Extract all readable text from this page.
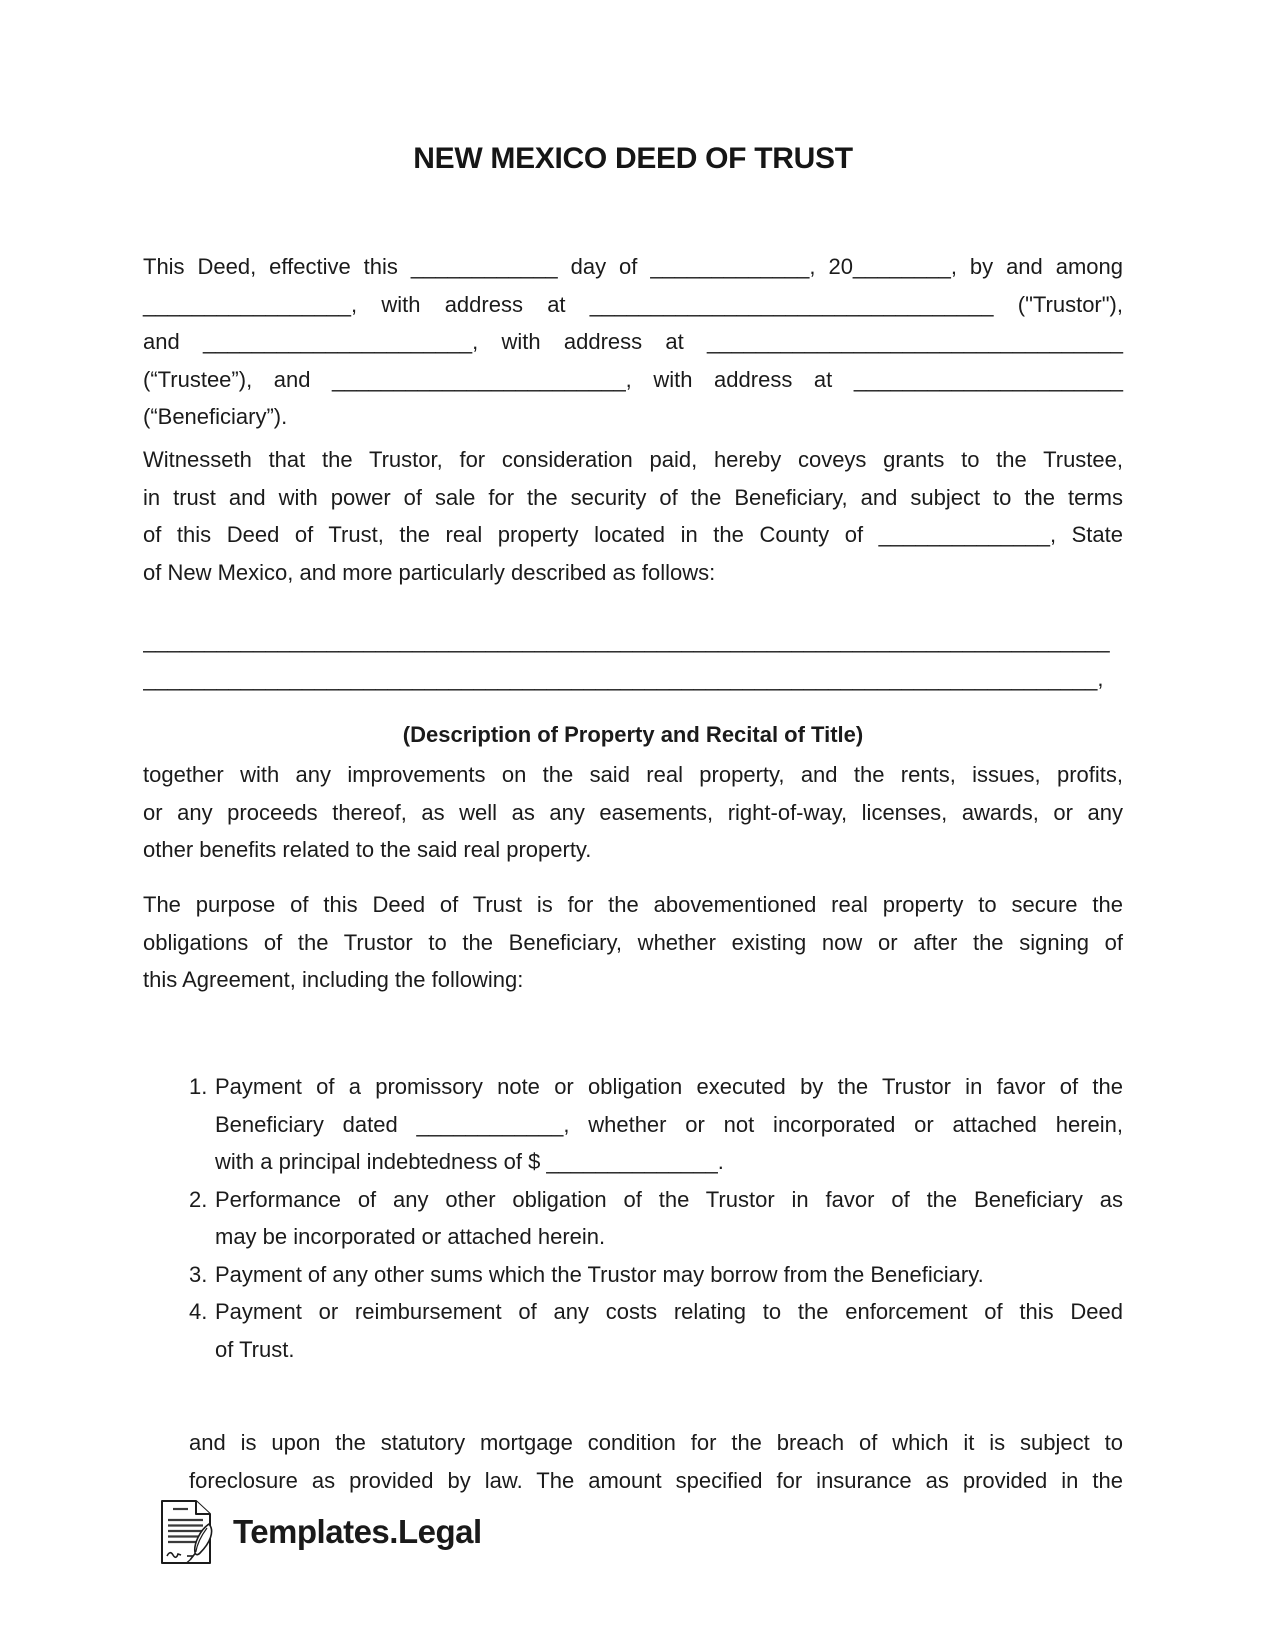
NEW MEXICO DEED OF TRUST
This Deed, effective this ____________ day of _____________, 20________, by and among
_________________, with address at _________________________________ ("Trustor"),
and ______________________, with address at __________________________________
(“Trustee”), and ________________________, with address at ______________________
(“Beneficiary”).
Witnesseth that the Trustor, for consideration paid, hereby coveys grants to the Trustee,
in trust and with power of sale for the security of the Beneficiary, and subject to the terms
of this Deed of Trust, the real property located in the County of ______________, State
of New Mexico, and more particularly described as follows:
_______________________________________________________________________________
______________________________________________________________________________,
(Description of Property and Recital of Title)
together with any improvements on the said real property, and the rents, issues, profits,
or any proceeds thereof, as well as any easements, right-of-way, licenses, awards, or any
other benefits related to the said real property.
The purpose of this Deed of Trust is for the abovementioned real property to secure the
obligations of the Trustor to the Beneficiary, whether existing now or after the signing of
this Agreement, including the following:
1. Payment of a promissory note or obligation executed by the Trustor in favor of the
Beneficiary dated ____________, whether or not incorporated or attached herein,
with a principal indebtedness of $ ______________.
2. Performance of any other obligation of the Trustor in favor of the Beneficiary as
may be incorporated or attached herein.
3. Payment of any other sums which the Trustor may borrow from the Beneficiary.
4. Payment or reimbursement of any costs relating to the enforcement of this Deed
of Trust.
and is upon the statutory mortgage condition for the breach of which it is subject to
foreclosure as provided by law. The amount specified for insurance as provided in the
Templates.Legal
